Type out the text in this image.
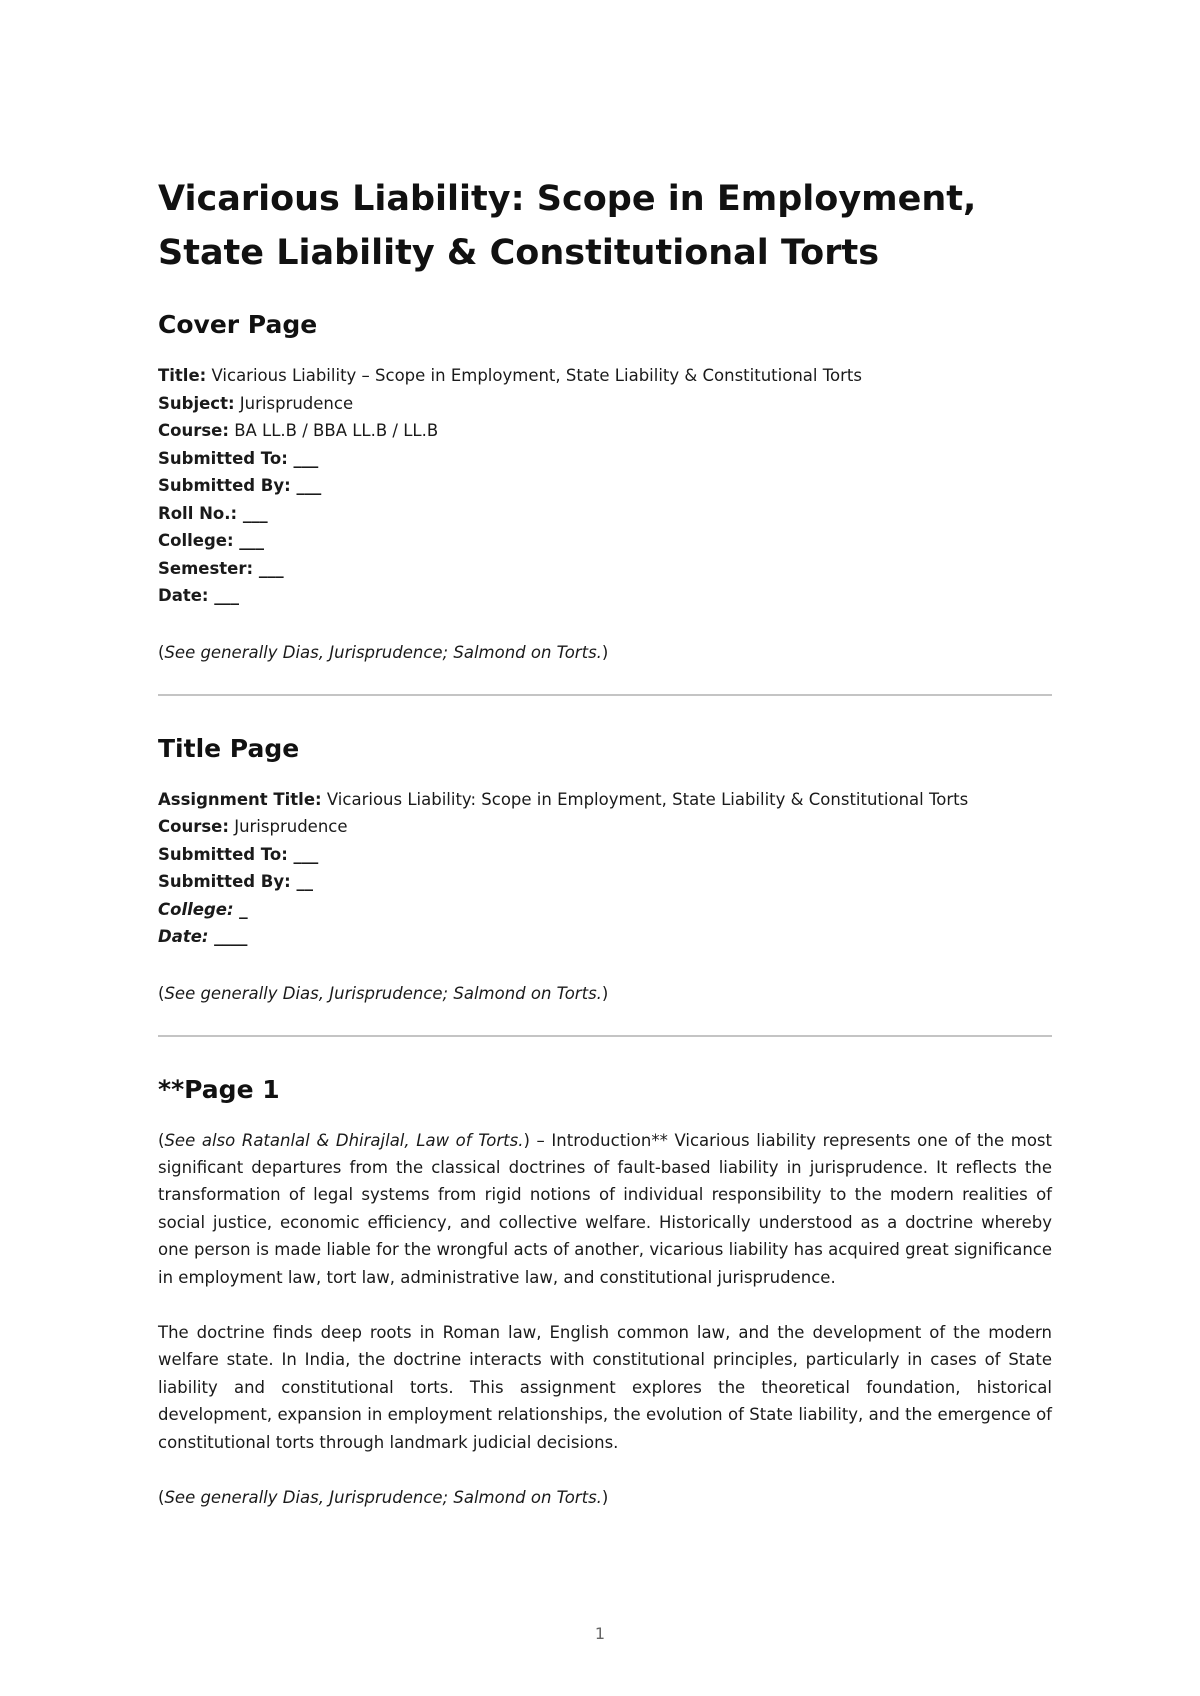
Vicarious Liability: Scope in Employment, State Liability & Constitutional Torts
Cover Page
Title: Vicarious Liability – Scope in Employment, State Liability & Constitutional Torts
Subject: Jurisprudence
Course: BA LL.B / BBA LL.B / LL.B
Submitted To: ___
Submitted By: ___
Roll No.: ___
College: ___
Semester: ___
Date: ___
(See generally Dias, Jurisprudence; Salmond on Torts.)
Title Page
Assignment Title: Vicarious Liability: Scope in Employment, State Liability & Constitutional Torts
Course: Jurisprudence
Submitted To: ___
Submitted By: __
College: _
Date: ____
(See generally Dias, Jurisprudence; Salmond on Torts.)
**Page 1

(See also Ratanlal & Dhirajlal, Law of Torts.) – Introduction** Vicarious liability represents one of the most significant departures from the classical doctrines of fault-based liability in jurisprudence. It reflects the transformation of legal systems from rigid notions of individual responsibility to the modern realities of social justice, economic efficiency, and collective welfare. Historically understood as a doctrine whereby one person is made liable for the wrongful acts of another, vicarious liability has acquired great significance in employment law, tort law, administrative law, and constitutional jurisprudence.

The doctrine finds deep roots in Roman law, English common law, and the development of the modern welfare state. In India, the doctrine interacts with constitutional principles, particularly in cases of State liability and constitutional torts. This assignment explores the theoretical foundation, historical development, expansion in employment relationships, the evolution of State liability, and the emergence of constitutional torts through landmark judicial decisions.

(See generally Dias, Jurisprudence; Salmond on Torts.)
1
